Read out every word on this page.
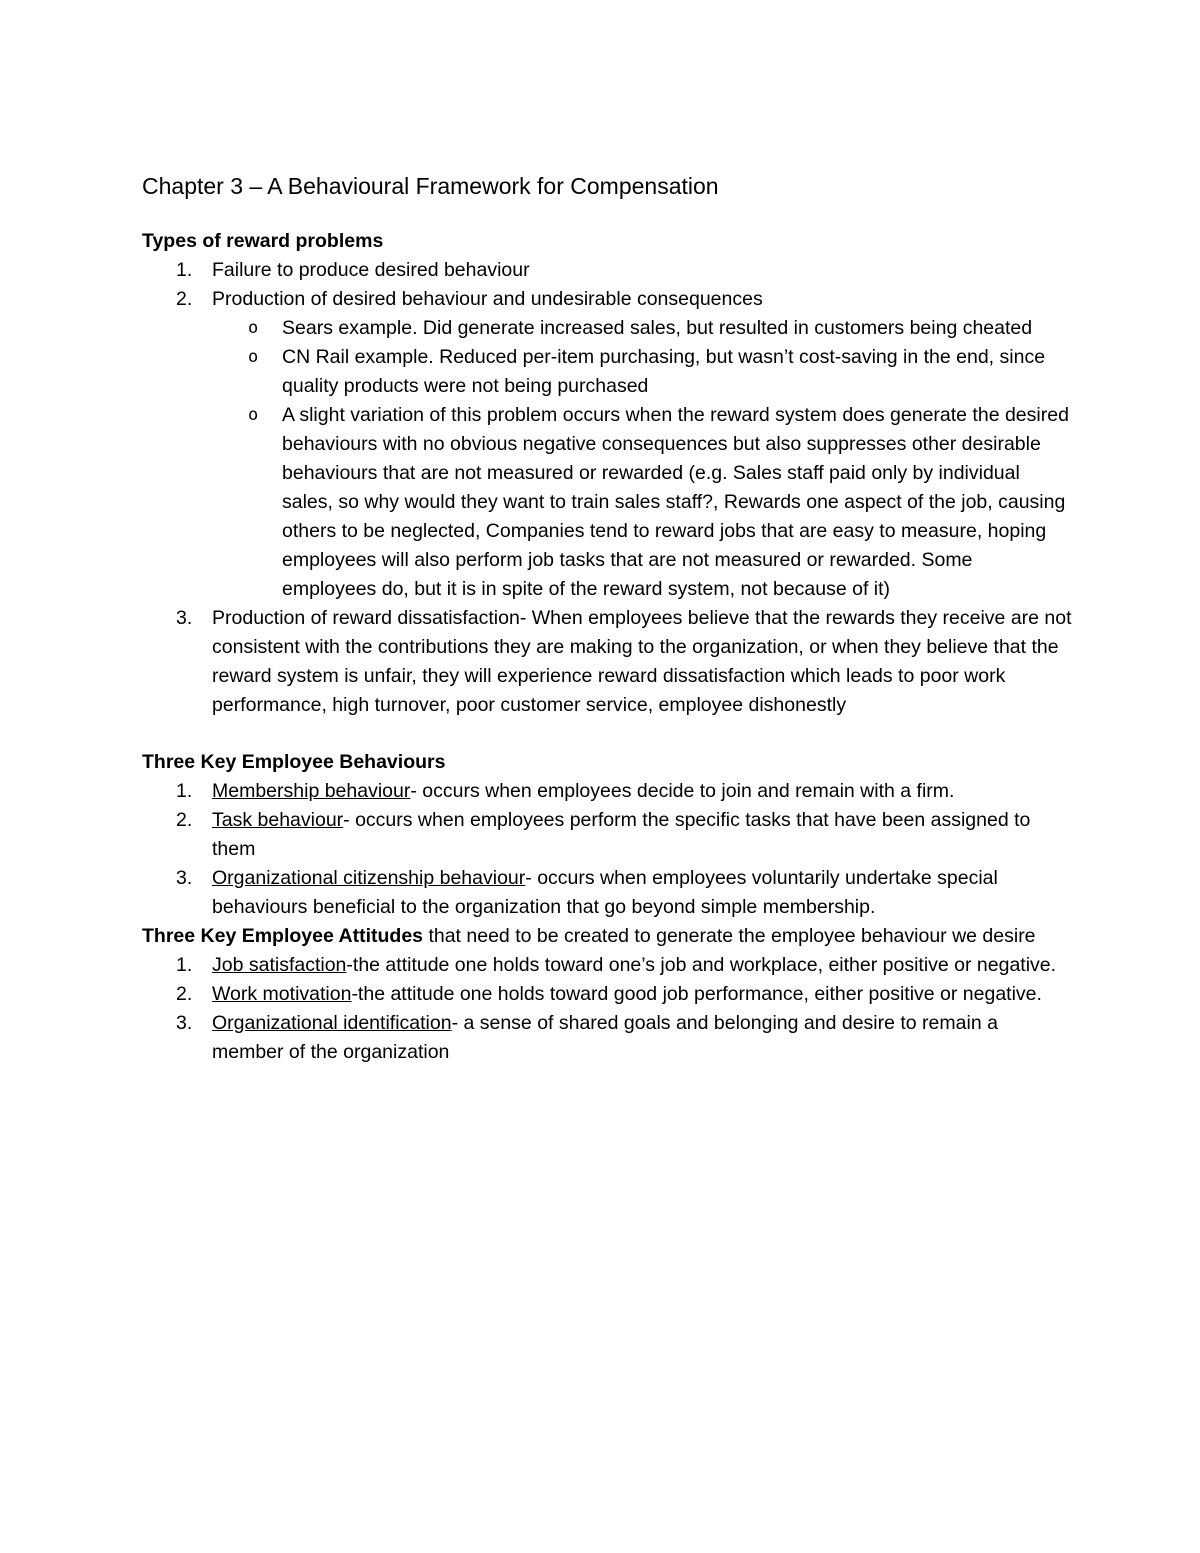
Chapter 3 – A Behavioural Framework for Compensation
Types of reward problems
1. Failure to produce desired behaviour
2. Production of desired behaviour and undesirable consequences
o Sears example. Did generate increased sales, but resulted in customers being cheated
o CN Rail example. Reduced per-item purchasing, but wasn’t cost-saving in the end, since quality products were not being purchased
o A slight variation of this problem occurs when the reward system does generate the desired behaviours with no obvious negative consequences but also suppresses other desirable behaviours that are not measured or rewarded (e.g. Sales staff paid only by individual sales, so why would they want to train sales staff?, Rewards one aspect of the job, causing others to be neglected, Companies tend to reward jobs that are easy to measure, hoping employees will also perform job tasks that are not measured or rewarded. Some employees do, but it is in spite of the reward system, not because of it)
3. Production of reward dissatisfaction- When employees believe that the rewards they receive are not consistent with the contributions they are making to the organization, or when they believe that the reward system is unfair, they will experience reward dissatisfaction which leads to poor work performance, high turnover, poor customer service, employee dishonestly
Three Key Employee Behaviours
1. Membership behaviour- occurs when employees decide to join and remain with a firm.
2. Task behaviour- occurs when employees perform the specific tasks that have been assigned to them
3. Organizational citizenship behaviour- occurs when employees voluntarily undertake special behaviours beneficial to the organization that go beyond simple membership.
Three Key Employee Attitudes that need to be created to generate the employee behaviour we desire
1. Job satisfaction-the attitude one holds toward one’s job and workplace, either positive or negative.
2. Work motivation-the attitude one holds toward good job performance, either positive or negative.
3. Organizational identification- a sense of shared goals and belonging and desire to remain a member of the organization
